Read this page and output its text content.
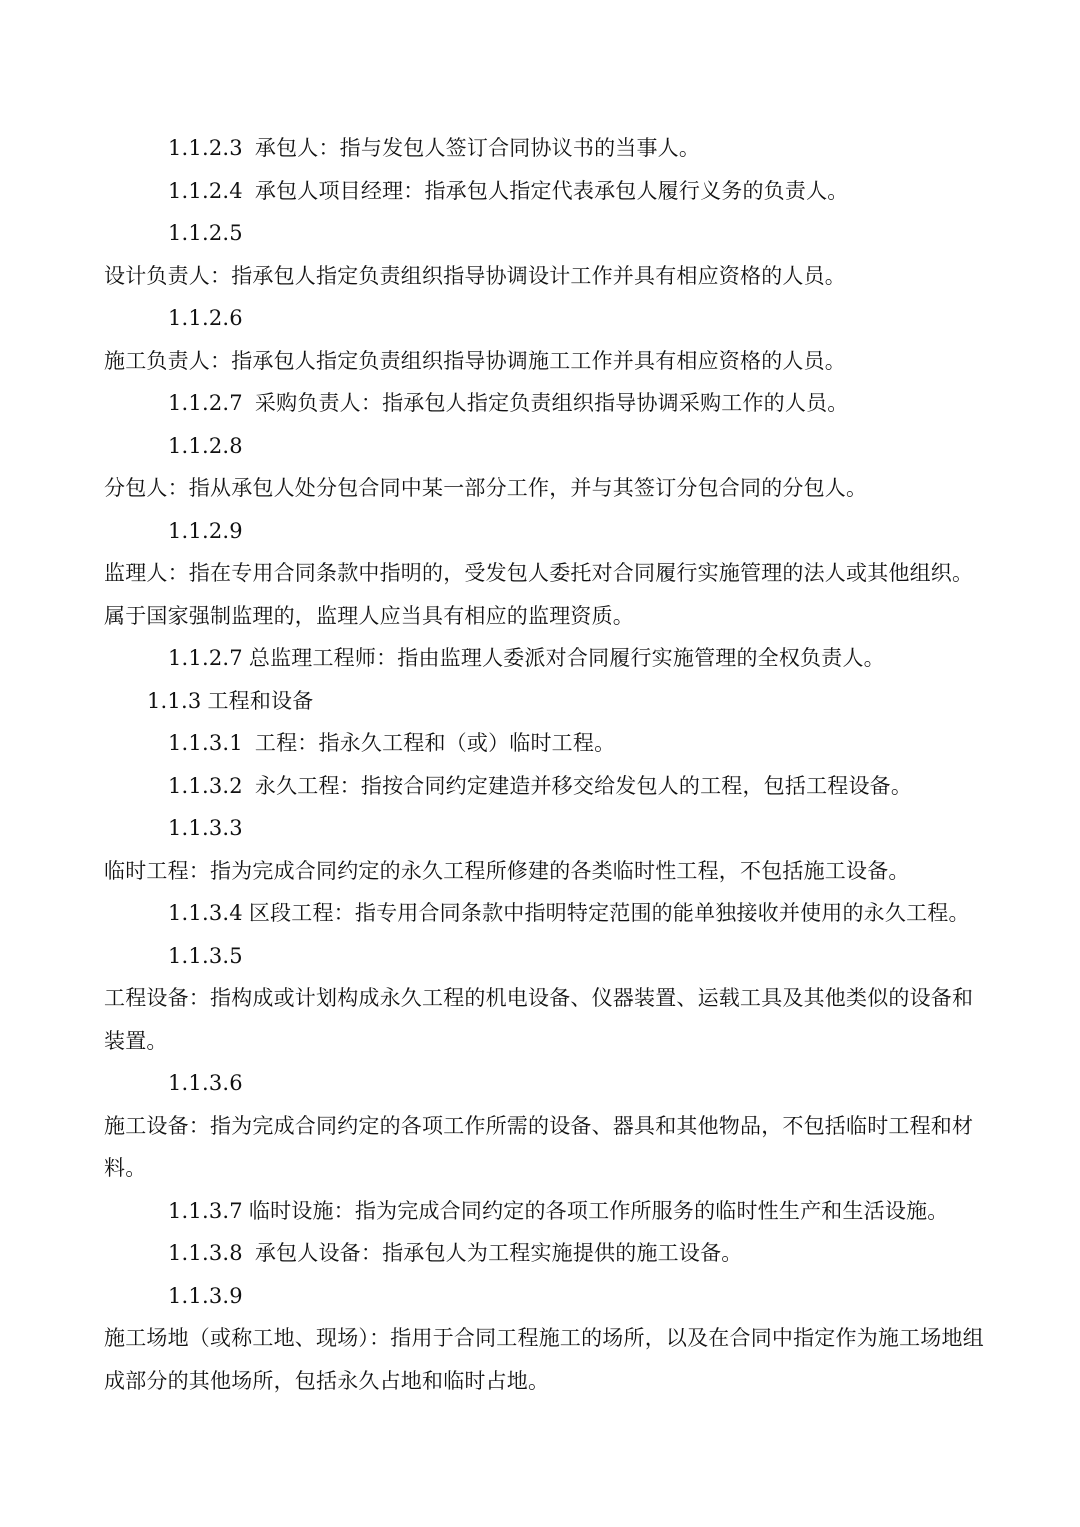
1.1.2.3 承包人：指与发包人签订合同协议书的当事人。
1.1.2.4 承包人项目经理：指承包人指定代表承包人履行义务的负责人。
1.1.2.5
设计负责人：指承包人指定负责组织指导协调设计工作并具有相应资格的人员。
1.1.2.6
施工负责人：指承包人指定负责组织指导协调施工工作并具有相应资格的人员。
1.1.2.7 采购负责人：指承包人指定负责组织指导协调采购工作的人员。
1.1.2.8
分包人：指从承包人处分包合同中某一部分工作，并与其签订分包合同的分包人。
1.1.2.9
监理人：指在专用合同条款中指明的，受发包人委托对合同履行实施管理的法人或其他组织。
属于国家强制监理的，监理人应当具有相应的监理资质。
1.1.2.7 总监理工程师：指由监理人委派对合同履行实施管理的全权负责人。
1.1.3 工程和设备
1.1.3.1 工程：指永久工程和（或）临时工程。
1.1.3.2 永久工程：指按合同约定建造并移交给发包人的工程，包括工程设备。
1.1.3.3
临时工程：指为完成合同约定的永久工程所修建的各类临时性工程，不包括施工设备。
1.1.3.4 区段工程：指专用合同条款中指明特定范围的能单独接收并使用的永久工程。
1.1.3.5
工程设备：指构成或计划构成永久工程的机电设备、仪器装置、运载工具及其他类似的设备和
装置。
1.1.3.6
施工设备：指为完成合同约定的各项工作所需的设备、器具和其他物品，不包括临时工程和材
料。
1.1.3.7 临时设施：指为完成合同约定的各项工作所服务的临时性生产和生活设施。
1.1.3.8 承包人设备：指承包人为工程实施提供的施工设备。
1.1.3.9
施工场地（或称工地、现场）：指用于合同工程施工的场所，以及在合同中指定作为施工场地组
成部分的其他场所，包括永久占地和临时占地。
